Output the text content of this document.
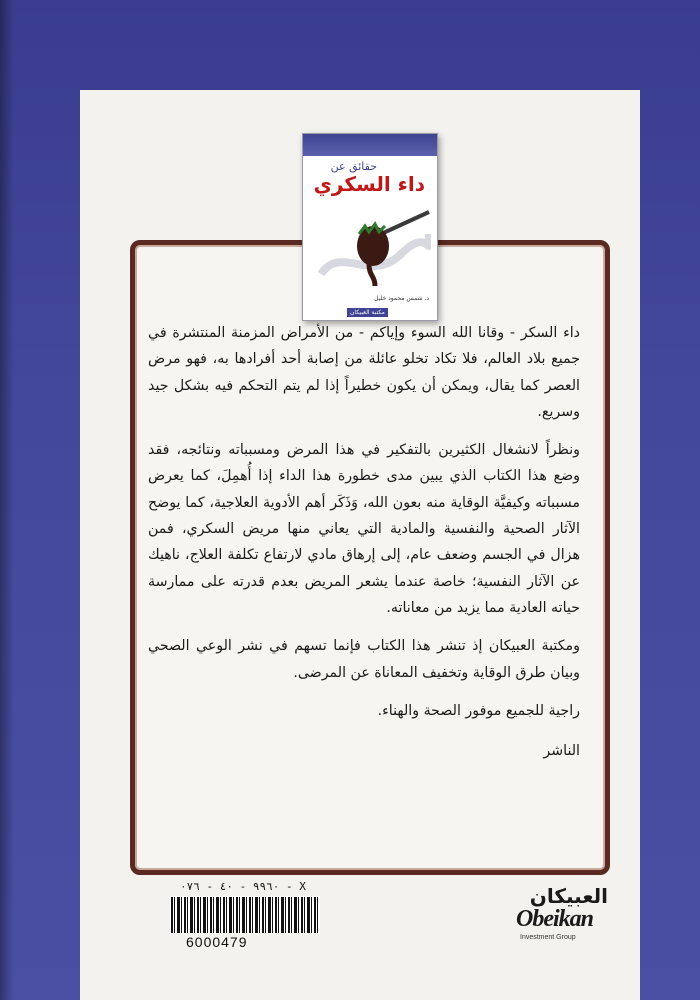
حقائق عن
داء السكري
د. شمس محمود خليل
مكتبة العبيكان

داء السكر - وقانا الله السوء وإياكم - من الأمراض المزمنة المنتشرة في جميع بلاد العالم، فلا تكاد تخلو عائلة من إصابة أحد أفرادها به، فهو مرض العصر كما يقال، ويمكن أن يكون خطيراً إذا لم يتم التحكم فيه بشكل جيد وسريع.

ونظراً لانشغال الكثيرين بالتفكير في هذا المرض ومسبباته ونتائجه، فقد وضع هذا الكتاب الذي يبين مدى خطورة هذا الداء إذا أُهمِلَ، كما يعرض مسبباته وكيفيَّة الوقاية منه بعون الله، وَذَكَر أهم الأدوية العلاجية، كما يوضح الآثار الصحية والنفسية والمادية التي يعاني منها مريض السكري، فمن هزال في الجسم وضعف عام، إلى إرهاق مادي لارتفاع تكلفة العلاج، ناهيك عن الآثار النفسية؛ خاصة عندما يشعر المريض بعدم قدرته على ممارسة حياته العادية مما يزيد من معاناته.

ومكتبة العبيكان إذ تنشر هذا الكتاب فإنما تسهم في نشر الوعي الصحي وبيان طرق الوقاية وتخفيف المعاناة عن المرضى.

راجية للجميع موفور الصحة والهناء.

الناشر

٩٩٦٠ - ٤٠ - ٠٧٦ - X
6000479
العبيكان
Obeikan
Investment Group
